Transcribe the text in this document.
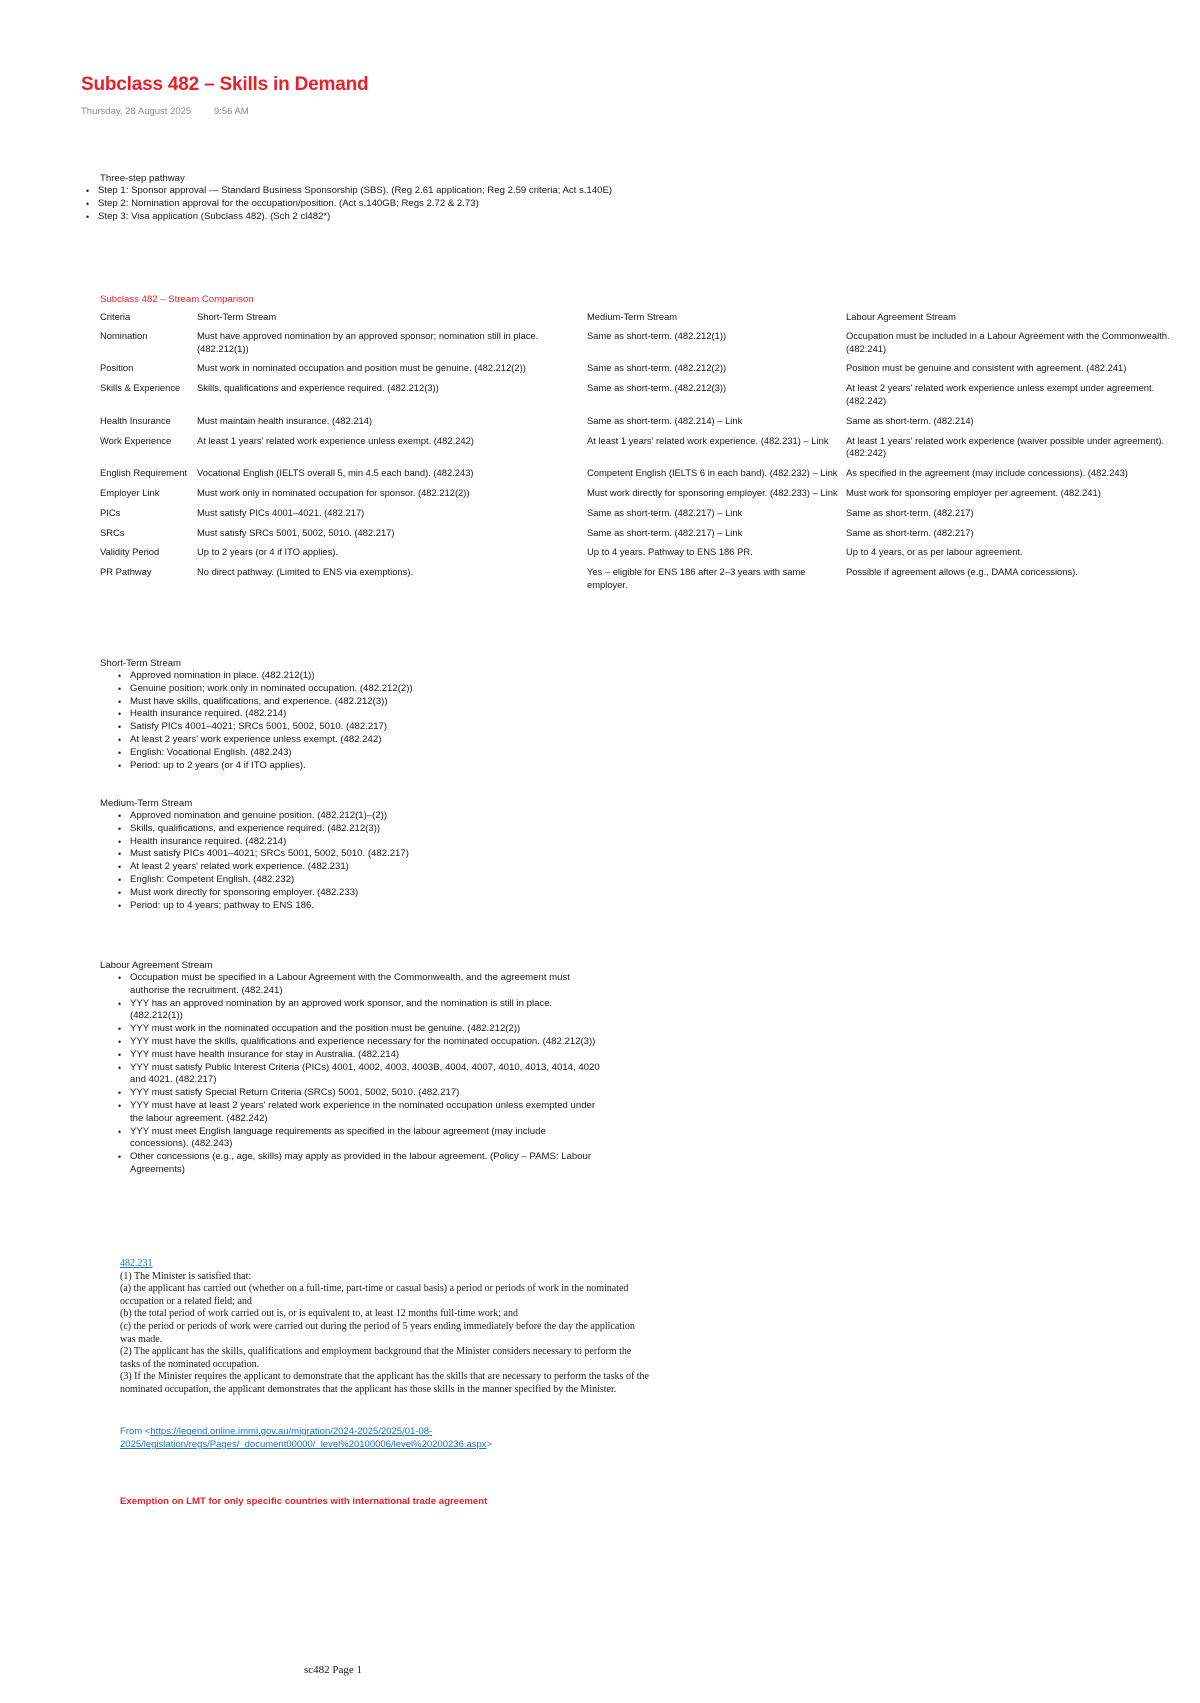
Subclass 482 – Skills in Demand
Thursday, 28 August 2025 9:56 AM
Three-step pathway
• Step 1: Sponsor approval — Standard Business Sponsorship (SBS). (Reg 2.61 application; Reg 2.59 criteria; Act s.140E)
• Step 2: Nomination approval for the occupation/position. (Act s.140GB; Regs 2.72 & 2.73)
• Step 3: Visa application (Subclass 482). (Sch 2 cl482*)
Subclass 482 – Stream Comparison
Criteria	Short-Term Stream	Medium-Term Stream	Labour Agreement Stream
Nomination	Must have approved nomination by an approved sponsor; nomination still in place. (482.212(1))	Same as short-term. (482.212(1))	Occupation must be included in a Labour Agreement with the Commonwealth. (482.241)
Position	Must work in nominated occupation and position must be genuine. (482.212(2))	Same as short-term. (482.212(2))	Position must be genuine and consistent with agreement. (482.241)
Skills & Experience	Skills, qualifications and experience required. (482.212(3))	Same as short-term. (482.212(3))	At least 2 years' related work experience unless exempt under agreement. (482.242)
Health Insurance	Must maintain health insurance. (482.214)	Same as short-term. (482.214) – Link	Same as short-term. (482.214)
Work Experience	At least 1 years' related work experience unless exempt. (482.242)	At least 1 years' related work experience. (482.231) – Link	At least 1 years' related work experience (waiver possible under agreement). (482.242)
English Requirement	Vocational English (IELTS overall 5, min 4.5 each band). (482.243)	Competent English (IELTS 6 in each band). (482.232) – Link	As specified in the agreement (may include concessions). (482.243)
Employer Link	Must work only in nominated occupation for sponsor. (482.212(2))	Must work directly for sponsoring employer. (482.233) – Link	Must work for sponsoring employer per agreement. (482.241)
PICs	Must satisfy PICs 4001–4021. (482.217)	Same as short-term. (482.217) – Link	Same as short-term. (482.217)
SRCs	Must satisfy SRCs 5001, 5002, 5010. (482.217)	Same as short-term. (482.217) – Link	Same as short-term. (482.217)
Validity Period	Up to 2 years (or 4 if ITO applies).	Up to 4 years. Pathway to ENS 186 PR.	Up to 4 years, or as per labour agreement.
PR Pathway	No direct pathway. (Limited to ENS via exemptions).	Yes – eligible for ENS 186 after 2–3 years with same employer.	Possible if agreement allows (e.g., DAMA concessions).
Short-Term Stream
• Approved nomination in place. (482.212(1))
• Genuine position; work only in nominated occupation. (482.212(2))
• Must have skills, qualifications, and experience. (482.212(3))
• Health insurance required. (482.214)
• Satisfy PICs 4001–4021; SRCs 5001, 5002, 5010. (482.217)
• At least 2 years' work experience unless exempt. (482.242)
• English: Vocational English. (482.243)
• Period: up to 2 years (or 4 if ITO applies).
Medium-Term Stream
• Approved nomination and genuine position. (482.212(1)–(2))
• Skills, qualifications, and experience required. (482.212(3))
• Health insurance required. (482.214)
• Must satisfy PICs 4001–4021; SRCs 5001, 5002, 5010. (482.217)
• At least 2 years' related work experience. (482.231)
• English: Competent English. (482.232)
• Must work directly for sponsoring employer. (482.233)
• Period: up to 4 years; pathway to ENS 186.
Labour Agreement Stream
• Occupation must be specified in a Labour Agreement with the Commonwealth, and the agreement must authorise the recruitment. (482.241)
• YYY has an approved nomination by an approved work sponsor, and the nomination is still in place. (482.212(1))
• YYY must work in the nominated occupation and the position must be genuine. (482.212(2))
• YYY must have the skills, qualifications and experience necessary for the nominated occupation. (482.212(3))
• YYY must have health insurance for stay in Australia. (482.214)
• YYY must satisfy Public Interest Criteria (PICs) 4001, 4002, 4003, 4003B, 4004, 4007, 4010, 4013, 4014, 4020 and 4021. (482.217)
• YYY must satisfy Special Return Criteria (SRCs) 5001, 5002, 5010. (482.217)
• YYY must have at least 2 years' related work experience in the nominated occupation unless exempted under the labour agreement. (482.242)
• YYY must meet English language requirements as specified in the labour agreement (may include concessions). (482.243)
• Other concessions (e.g., age, skills) may apply as provided in the labour agreement. (Policy – PAMS: Labour Agreements)

482.231

(1) The Minister is satisfied that:

(a) the applicant has carried out (whether on a full-time, part-time or casual basis) a period or periods of work in the nominated occupation or a related field; and

(b) the total period of work carried out is, or is equivalent to, at least 12 months full-time work; and

(c) the period or periods of work were carried out during the period of 5 years ending immediately before the day the application was made.

(2) The applicant has the skills, qualifications and employment background that the Minister considers necessary to perform the tasks of the nominated occupation.

(3) If the Minister requires the applicant to demonstrate that the applicant has the skills that are necessary to perform the tasks of the nominated occupation, the applicant demonstrates that the applicant has those skills in the manner specified by the Minister.

From <https://legend.online.immi.gov.au/migration/2024-2025/2025/01-08-2025/legislation/regs/Pages/_document00000/_level%20100006/level%20200236.aspx>
Exemption on LMT for only specific countries with international trade agreement
sc482 Page 1
